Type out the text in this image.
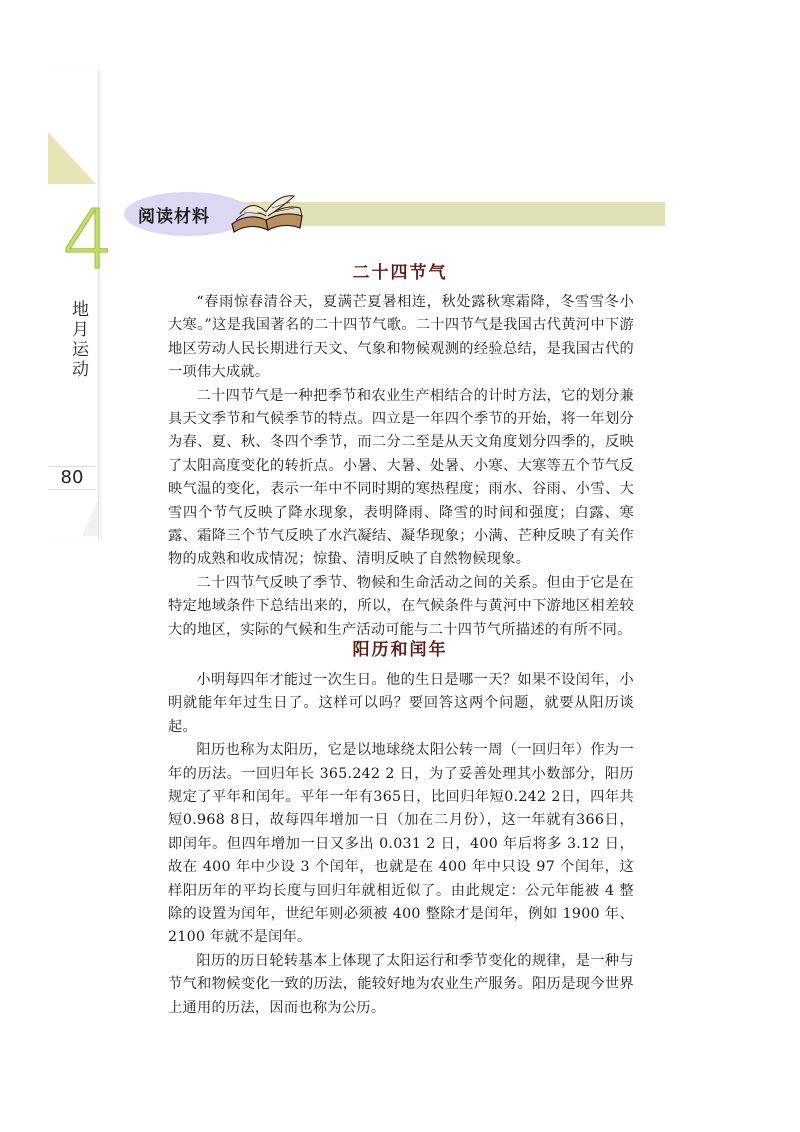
4
地
月
运
动
80
阅读材料
二十四节气

“春雨惊春清谷天，夏满芒夏暑相连，秋处露秋寒霜降，冬雪雪冬小大寒。”这是我国著名的二十四节气歌。二十四节气是我国古代黄河中下游地区劳动人民长期进行天文、气象和物候观测的经验总结，是我国古代的一项伟大成就。

二十四节气是一种把季节和农业生产相结合的计时方法，它的划分兼具天文季节和气候季节的特点。四立是一年四个季节的开始，将一年划分为春、夏、秋、冬四个季节，而二分二至是从天文角度划分四季的，反映了太阳高度变化的转折点。小暑、大暑、处暑、小寒、大寒等五个节气反映气温的变化，表示一年中不同时期的寒热程度；雨水、谷雨、小雪、大雪四个节气反映了降水现象，表明降雨、降雪的时间和强度；白露、寒露、霜降三个节气反映了水汽凝结、凝华现象；小满、芒种反映了有关作物的成熟和收成情况；惊蛰、清明反映了自然物候现象。

二十四节气反映了季节、物候和生命活动之间的关系。但由于它是在特定地域条件下总结出来的，所以，在气候条件与黄河中下游地区相差较大的地区，实际的气候和生产活动可能与二十四节气所描述的有所不同。

阳历和闰年

小明每四年才能过一次生日。他的生日是哪一天？如果不设闰年，小明就能年年过生日了。这样可以吗？要回答这两个问题，就要从阳历谈起。

阳历也称为太阳历，它是以地球绕太阳公转一周（一回归年）作为一年的历法。一回归年长 365.242 2 日，为了妥善处理其小数部分，阳历规定了平年和闰年。平年一年有365日，比回归年短0.242 2日，四年共短0.968 8日，故每四年增加一日（加在二月份），这一年就有366日，即闰年。但四年增加一日又多出 0.031 2 日，400 年后将多 3.12 日，故在 400 年中少设 3 个闰年，也就是在 400 年中只设 97 个闰年，这样阳历年的平均长度与回归年就相近似了。由此规定：公元年能被 4 整除的设置为闰年，世纪年则必须被 400 整除才是闰年，例如 1900 年、2100 年就不是闰年。

阳历的历日轮转基本上体现了太阳运行和季节变化的规律，是一种与节气和物候变化一致的历法，能较好地为农业生产服务。阳历是现今世界上通用的历法，因而也称为公历。
